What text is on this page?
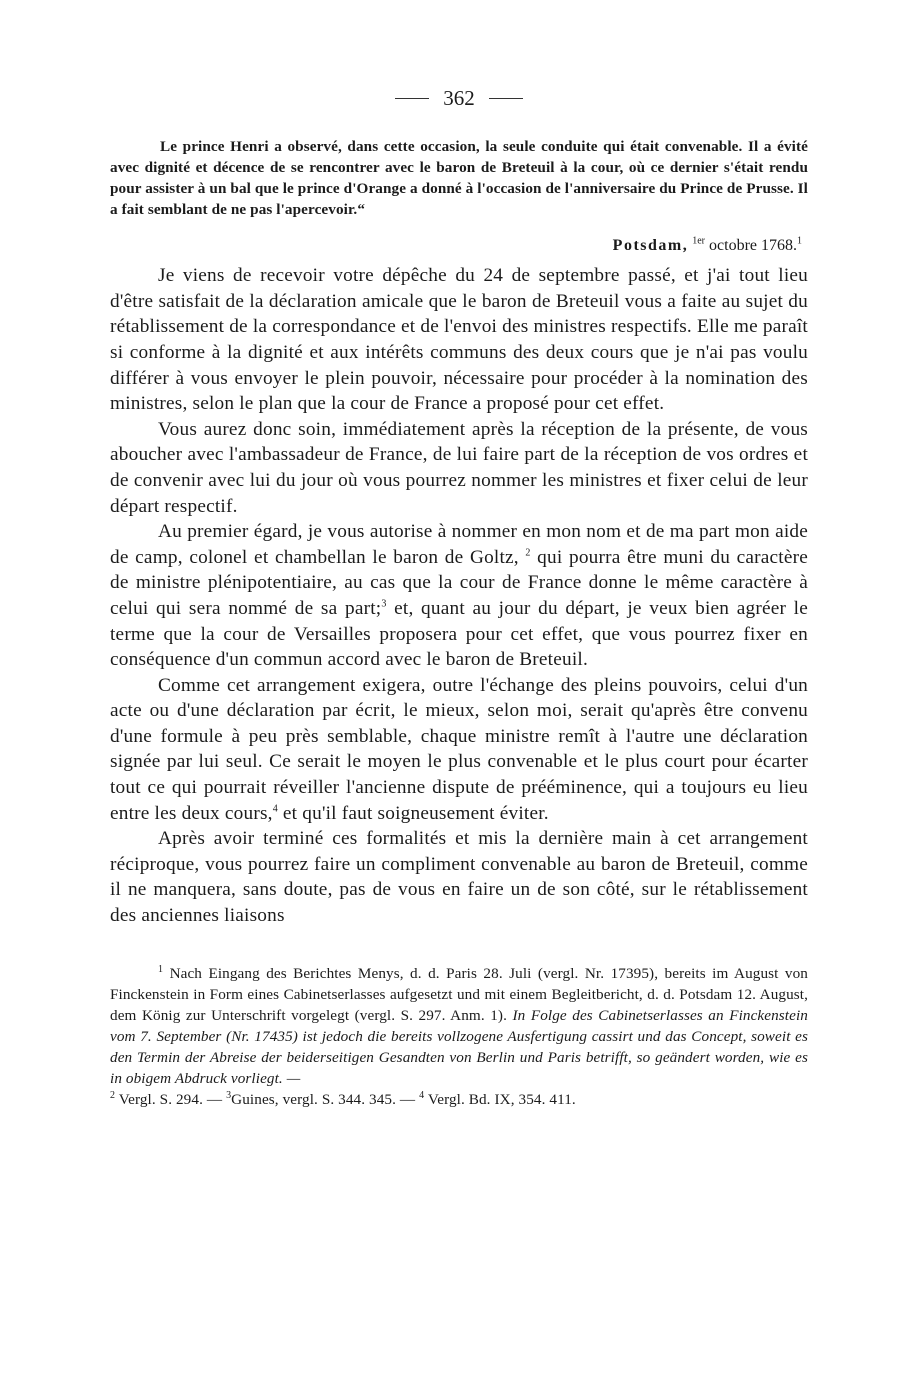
362

Le prince Henri a observé, dans cette occasion, la seule conduite qui était convenable. Il a évité avec dignité et décence de se rencontrer avec le baron de Breteuil à la cour, où ce dernier s'était rendu pour assister à un bal que le prince d'Orange a donné à l'occasion de l'anniversaire du Prince de Prusse. Il a fait semblant de ne pas l'apercevoir.“

Potsdam, $^{1er}$ octobre 1768.$^1$

Je viens de recevoir votre dépêche du 24 de septembre passé, et j'ai tout lieu d'être satisfait de la déclaration amicale que le baron de Breteuil vous a faite au sujet du rétablissement de la correspondance et de l'envoi des ministres respectifs. Elle me paraît si conforme à la dignité et aux intérêts communs des deux cours que je n'ai pas voulu différer à vous envoyer le plein pouvoir, nécessaire pour procéder à la nomination des ministres, selon le plan que la cour de France a proposé pour cet effet.

Vous aurez donc soin, immédiatement après la réception de la présente, de vous aboucher avec l'ambassadeur de France, de lui faire part de la réception de vos ordres et de convenir avec lui du jour où vous pourrez nommer les ministres et fixer celui de leur départ respectif.

Au premier égard, je vous autorise à nommer en mon nom et de ma part mon aide de camp, colonel et chambellan le baron de Goltz, $^2$ qui pourra être muni du caractère de ministre plénipotentiaire, au cas que la cour de France donne le même caractère à celui qui sera nommé de sa part;$^3$ et, quant au jour du départ, je veux bien agréer le terme que la cour de Versailles proposera pour cet effet, que vous pourrez fixer en conséquence d'un commun accord avec le baron de Breteuil.

Comme cet arrangement exigera, outre l'échange des pleins pouvoirs, celui d'un acte ou d'une déclaration par écrit, le mieux, selon moi, serait qu'après être convenu d'une formule à peu près semblable, chaque ministre remît à l'autre une déclaration signée par lui seul. Ce serait le moyen le plus convenable et le plus court pour écarter tout ce qui pourrait réveiller l'ancienne dispute de prééminence, qui a toujours eu lieu entre les deux cours,$^4$ et qu'il faut soigneusement éviter.

Après avoir terminé ces formalités et mis la dernière main à cet arrangement réciproque, vous pourrez faire un compliment convenable au baron de Breteuil, comme il ne manquera, sans doute, pas de vous en faire un de son côté, sur le rétablissement des anciennes liaisons

$^1$ Nach Eingang des Berichtes Menys, d. d. Paris 28. Juli (vergl. Nr. 17395), bereits im August von Finckenstein in Form eines Cabinetserlasses aufgesetzt und mit einem Begleitbericht, d. d. Potsdam 12. August, dem König zur Unterschrift vorgelegt (vergl. S. 297. Anm. 1). In Folge des Cabinetserlasses an Finckenstein vom 7. September (Nr. 17435) ist jedoch die bereits vollzogene Ausfertigung cassirt und das Concept, soweit es den Termin der Abreise der beiderseitigen Gesandten von Berlin und Paris betrifft, so geändert worden, wie es in obigem Abdruck vorliegt. —

$^2$ Vergl. S. 294. — $^3$Guines, vergl. S. 344. 345. — $^4$ Vergl. Bd. IX, 354. 411.
